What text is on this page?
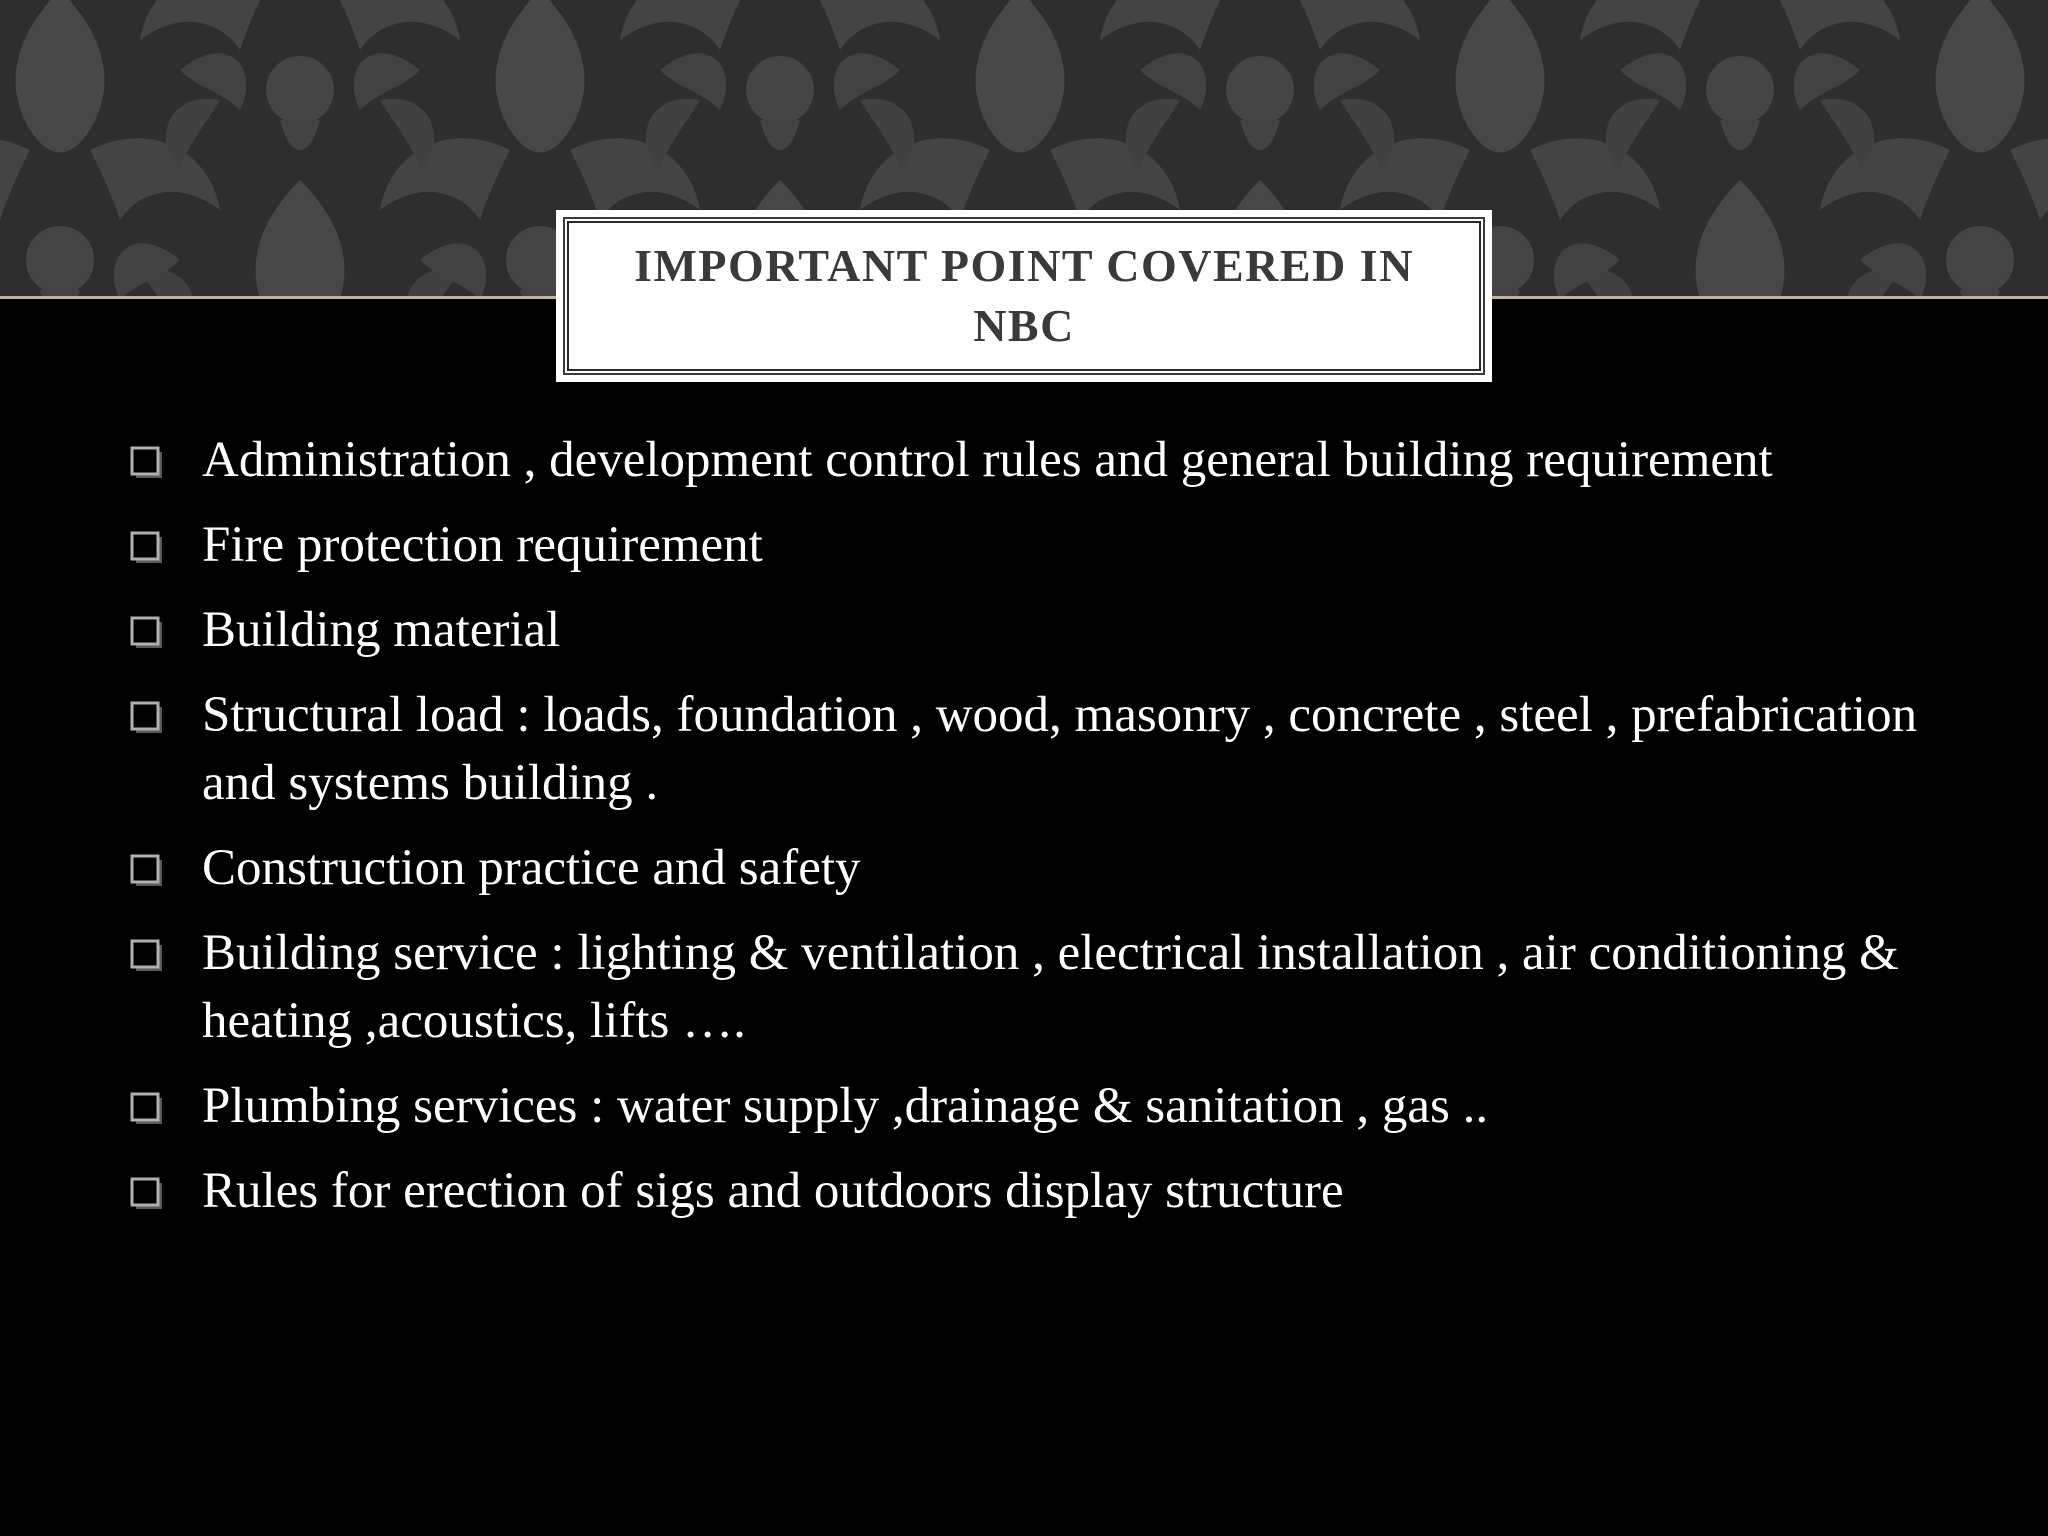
IMPORTANT POINT COVERED IN NBC
Administration , development control rules and general building requirement
Fire protection requirement
Building material
Structural load : loads, foundation , wood, masonry , concrete , steel , prefabrication and systems building .
Construction practice and safety
Building service : lighting & ventilation , electrical installation , air conditioning & heating ,acoustics, lifts ….
Plumbing services : water supply ,drainage & sanitation , gas ..
Rules for erection of sigs and outdoors display structure
